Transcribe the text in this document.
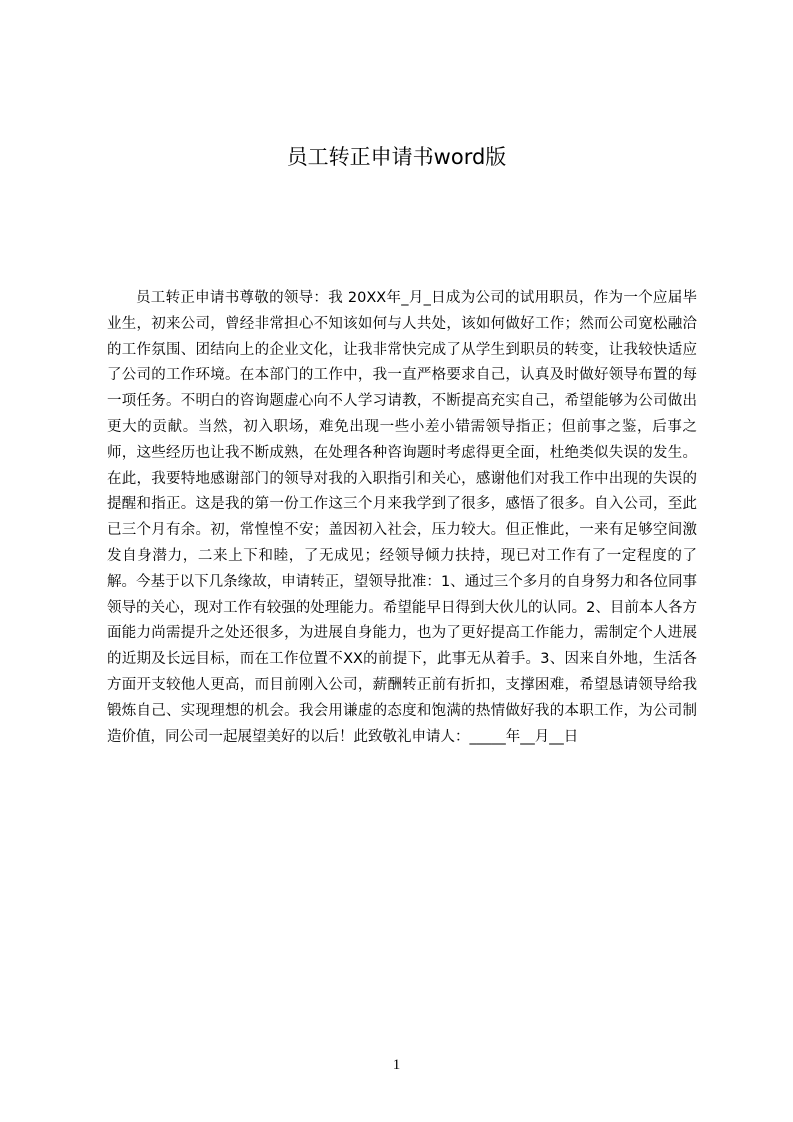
员工转正申请书word版

员工转正申请书尊敬的领导：我 20XX年_月_日成为公司的试用职员，作为一个应届毕业生，初来公司，曾经非常担心不知该如何与人共处，该如何做好工作；然而公司宽松融洽的工作氛围、团结向上的企业文化，让我非常快完成了从学生到职员的转变，让我较快适应了公司的工作环境。在本部门的工作中，我一直严格要求自己，认真及时做好领导布置的每一项任务。不明白的咨询题虚心向不人学习请教，不断提高充实自己，希望能够为公司做出更大的贡献。当然，初入职场，难免出现一些小差小错需领导指正；但前事之鉴，后事之师，这些经历也让我不断成熟，在处理各种咨询题时考虑得更全面，杜绝类似失误的发生。在此，我要特地感谢部门的领导对我的入职指引和关心，感谢他们对我工作中出现的失误的提醒和指正。这是我的第一份工作这三个月来我学到了很多，感悟了很多。自入公司，至此已三个月有余。初，常惶惶不安；盖因初入社会，压力较大。但正惟此，一来有足够空间激发自身潜力，二来上下和睦，了无成见；经领导倾力扶持，现已对工作有了一定程度的了解。今基于以下几条缘故，申请转正，望领导批准：1、通过三个多月的自身努力和各位同事领导的关心，现对工作有较强的处理能力。希望能早日得到大伙儿的认同。2、目前本人各方面能力尚需提升之处还很多，为进展自身能力，也为了更好提高工作能力，需制定个人进展的近期及长远目标，而在工作位置不XX的前提下，此事无从着手。3、因来自外地，生活各方面开支较他人更高，而目前刚入公司，薪酬转正前有折扣，支撑困难，希望恳请领导给我锻炼自己、实现理想的机会。我会用谦虚的态度和饱满的热情做好我的本职工作，为公司制造价值，同公司一起展望美好的以后！此致敬礼申请人：_____年__月__日

1
